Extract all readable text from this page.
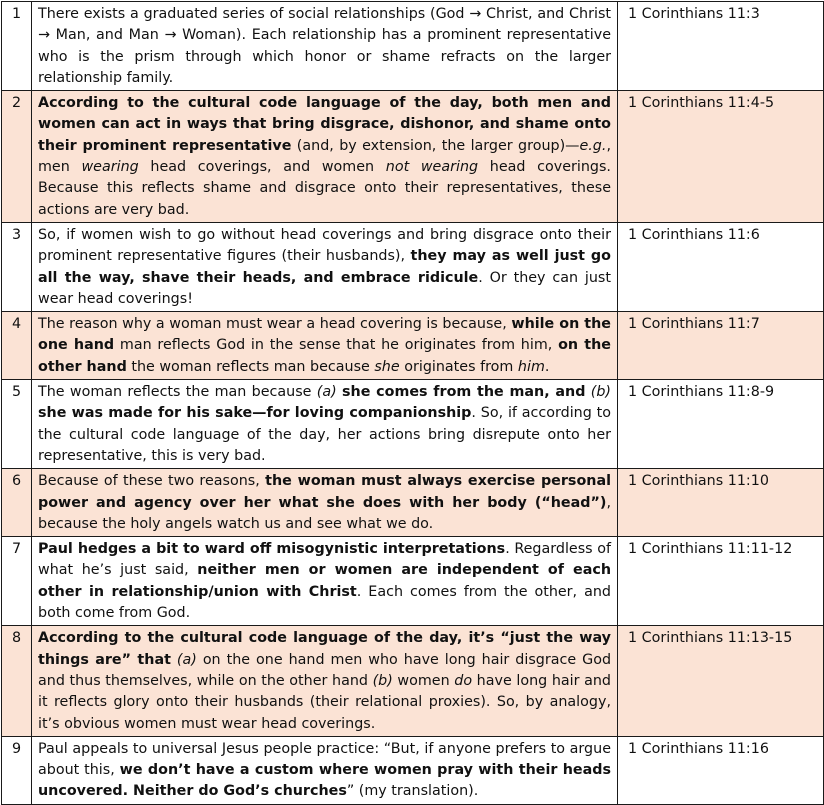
1	There exists a graduated series of social relationships (God → Christ, and Christ → Man, and Man → Woman). Each relationship has a prominent representative who is the prism through which honor or shame refracts on the larger relationship family.	1 Corinthians 11:3
2	According to the cultural code language of the day, both men and women can act in ways that bring disgrace, dishonor, and shame onto their prominent representative (and, by extension, the larger group)—e.g., men wearing head coverings, and women not wearing head coverings. Because this reflects shame and disgrace onto their representatives, these actions are very bad.	1 Corinthians 11:4-5
3	So, if women wish to go without head coverings and bring disgrace onto their prominent representative figures (their husbands), they may as well just go all the way, shave their heads, and embrace ridicule. Or they can just wear head coverings!	1 Corinthians 11:6
4	The reason why a woman must wear a head covering is because, while on the one hand man reflects God in the sense that he originates from him, on the other hand the woman reflects man because she originates from him.	1 Corinthians 11:7
5	The woman reflects the man because (a) she comes from the man, and (b) she was made for his sake—for loving companionship. So, if according to the cultural code language of the day, her actions bring disrepute onto her representative, this is very bad.	1 Corinthians 11:8-9
6	Because of these two reasons, the woman must always exercise personal power and agency over her what she does with her body (“head”), because the holy angels watch us and see what we do.	1 Corinthians 11:10
7	Paul hedges a bit to ward off misogynistic interpretations. Regardless of what he’s just said, neither men or women are independent of each other in relationship/union with Christ. Each comes from the other, and both come from God.	1 Corinthians 11:11-12
8	According to the cultural code language of the day, it’s “just the way things are” that (a) on the one hand men who have long hair disgrace God and thus themselves, while on the other hand (b) women do have long hair and it reflects glory onto their husbands (their relational proxies). So, by analogy, it’s obvious women must wear head coverings.	1 Corinthians 11:13-15
9	Paul appeals to universal Jesus people practice: “But, if anyone prefers to argue about this, we don’t have a custom where women pray with their heads uncovered. Neither do God’s churches” (my translation).	1 Corinthians 11:16
